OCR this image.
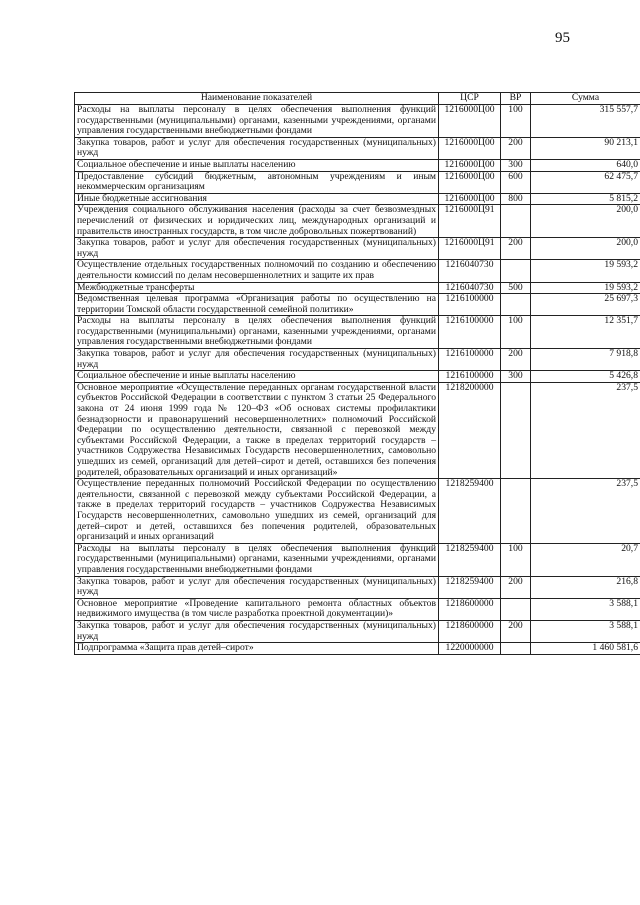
95
Наименование показателей	ЦСР	ВР	Сумма
Расходы на выплаты персоналу в целях обеспечения выполнения функций государственными (муниципальными) органами, казенными учреждениями, органами управления государственными внебюджетными фондами	1216000Ц00	100	315 557,7
Закупка товаров, работ и услуг для обеспечения государственных (муниципальных) нужд	1216000Ц00	200	90 213,1
Социальное обеспечение и иные выплаты населению	1216000Ц00	300	640,0
Предоставление субсидий бюджетным, автономным учреждениям и иным некоммерческим организациям	1216000Ц00	600	62 475,7
Иные бюджетные ассигнования	1216000Ц00	800	5 815,2
Учреждения социального обслуживания населения (расходы за счет безвозмездных перечислений от физических и юридических лиц, международных организаций и правительств иностранных государств, в том числе добровольных пожертвований)	1216000Ц91		200,0
Закупка товаров, работ и услуг для обеспечения государственных (муниципальных) нужд	1216000Ц91	200	200,0
Осуществление отдельных государственных полномочий по созданию и обеспечению деятельности комиссий по делам несовершеннолетних и защите их прав	1216040730		19 593,2
Межбюджетные трансферты	1216040730	500	19 593,2
Ведомственная целевая программа «Организация работы по осуществлению на территории Томской области государственной семейной политики»	1216100000		25 697,3
Расходы на выплаты персоналу в целях обеспечения выполнения функций государственными (муниципальными) органами, казенными учреждениями, органами управления государственными внебюджетными фондами	1216100000	100	12 351,7
Закупка товаров, работ и услуг для обеспечения государственных (муниципальных) нужд	1216100000	200	7 918,8
Социальное обеспечение и иные выплаты населению	1216100000	300	5 426,8
Основное мероприятие «Осуществление переданных органам государственной власти субъектов Российской Федерации в соответствии с пунктом 3 статьи 25 Федерального закона от 24 июня 1999 года № 120–ФЗ «Об основах системы профилактики безнадзорности и правонарушений несовершеннолетних» полномочий Российской Федерации по осуществлению деятельности, связанной с перевозкой между субъектами Российской Федерации, а также в пределах территорий государств – участников Содружества Независимых Государств несовершеннолетних, самовольно ушедших из семей, организаций для детей–сирот и детей, оставшихся без попечения родителей, образовательных организаций и иных организаций»	1218200000		237,5
Осуществление переданных полномочий Российской Федерации по осуществлению деятельности, связанной с перевозкой между субъектами Российской Федерации, а также в пределах территорий государств – участников Содружества Независимых Государств несовершеннолетних, самовольно ушедших из семей, организаций для детей–сирот и детей, оставшихся без попечения родителей, образовательных организаций и иных организаций	1218259400		237,5
Расходы на выплаты персоналу в целях обеспечения выполнения функций государственными (муниципальными) органами, казенными учреждениями, органами управления государственными внебюджетными фондами	1218259400	100	20,7
Закупка товаров, работ и услуг для обеспечения государственных (муниципальных) нужд	1218259400	200	216,8
Основное мероприятие «Проведение капитального ремонта областных объектов недвижимого имущества (в том числе разработка проектной документации)»	1218600000		3 588,1
Закупка товаров, работ и услуг для обеспечения государственных (муниципальных) нужд	1218600000	200	3 588,1
Подпрограмма «Защита прав детей–сирот»	1220000000		1 460 581,6
